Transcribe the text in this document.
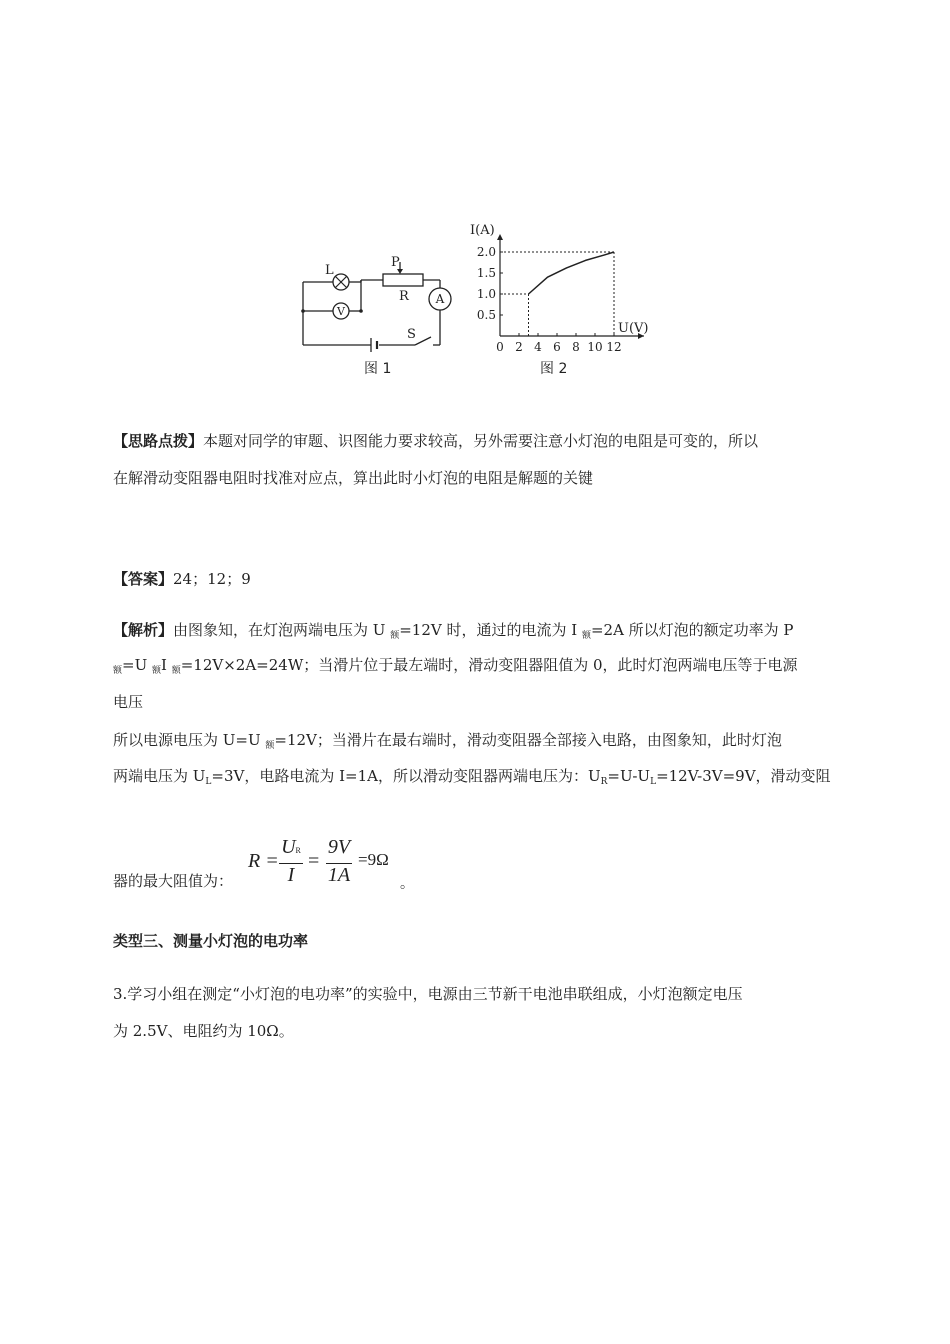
V
A
L
P
R
S
图 1
I(A)
U(V)
0 2 4 6 8 10 12
0.5
1.0
1.5
2.0
图 2
【思路点拨】本题对同学的审题、识图能力要求较高，另外需要注意小灯泡的电阻是可变的，所以
在解滑动变阻器电阻时找准对应点，算出此时小灯泡的电阻是解题的关键
【答案】24；12；9
【解析】由图象知，在灯泡两端电压为 U $_额$=12V 时，通过的电流为 I $_额$=2A 所以灯泡的额定功率为 P
$_额$=U $_额$I $_额$=12V×2A=24W；当滑片位于最左端时，滑动变阻器阻值为 0，此时灯泡两端电压等于电源
电压
所以电源电压为 U=U $_额$=12V；当滑片在最右端时，滑动变阻器全部接入电路，由图象知，此时灯泡
两端电压为 $U_L=3V$，电路电流为 I=1A，所以滑动变阻器两端电压为：$U_R=U-U_L=12V-3V=9V$，滑动变阻
器的最大阻值为：
R =
UR
I
=
9V
1A
=9Ω
。
类型三、测量小灯泡的电功率
3.学习小组在测定“小灯泡的电功率”的实验中，电源由三节新干电池串联组成，小灯泡额定电压
为 2.5V、电阻约为 10Ω。
